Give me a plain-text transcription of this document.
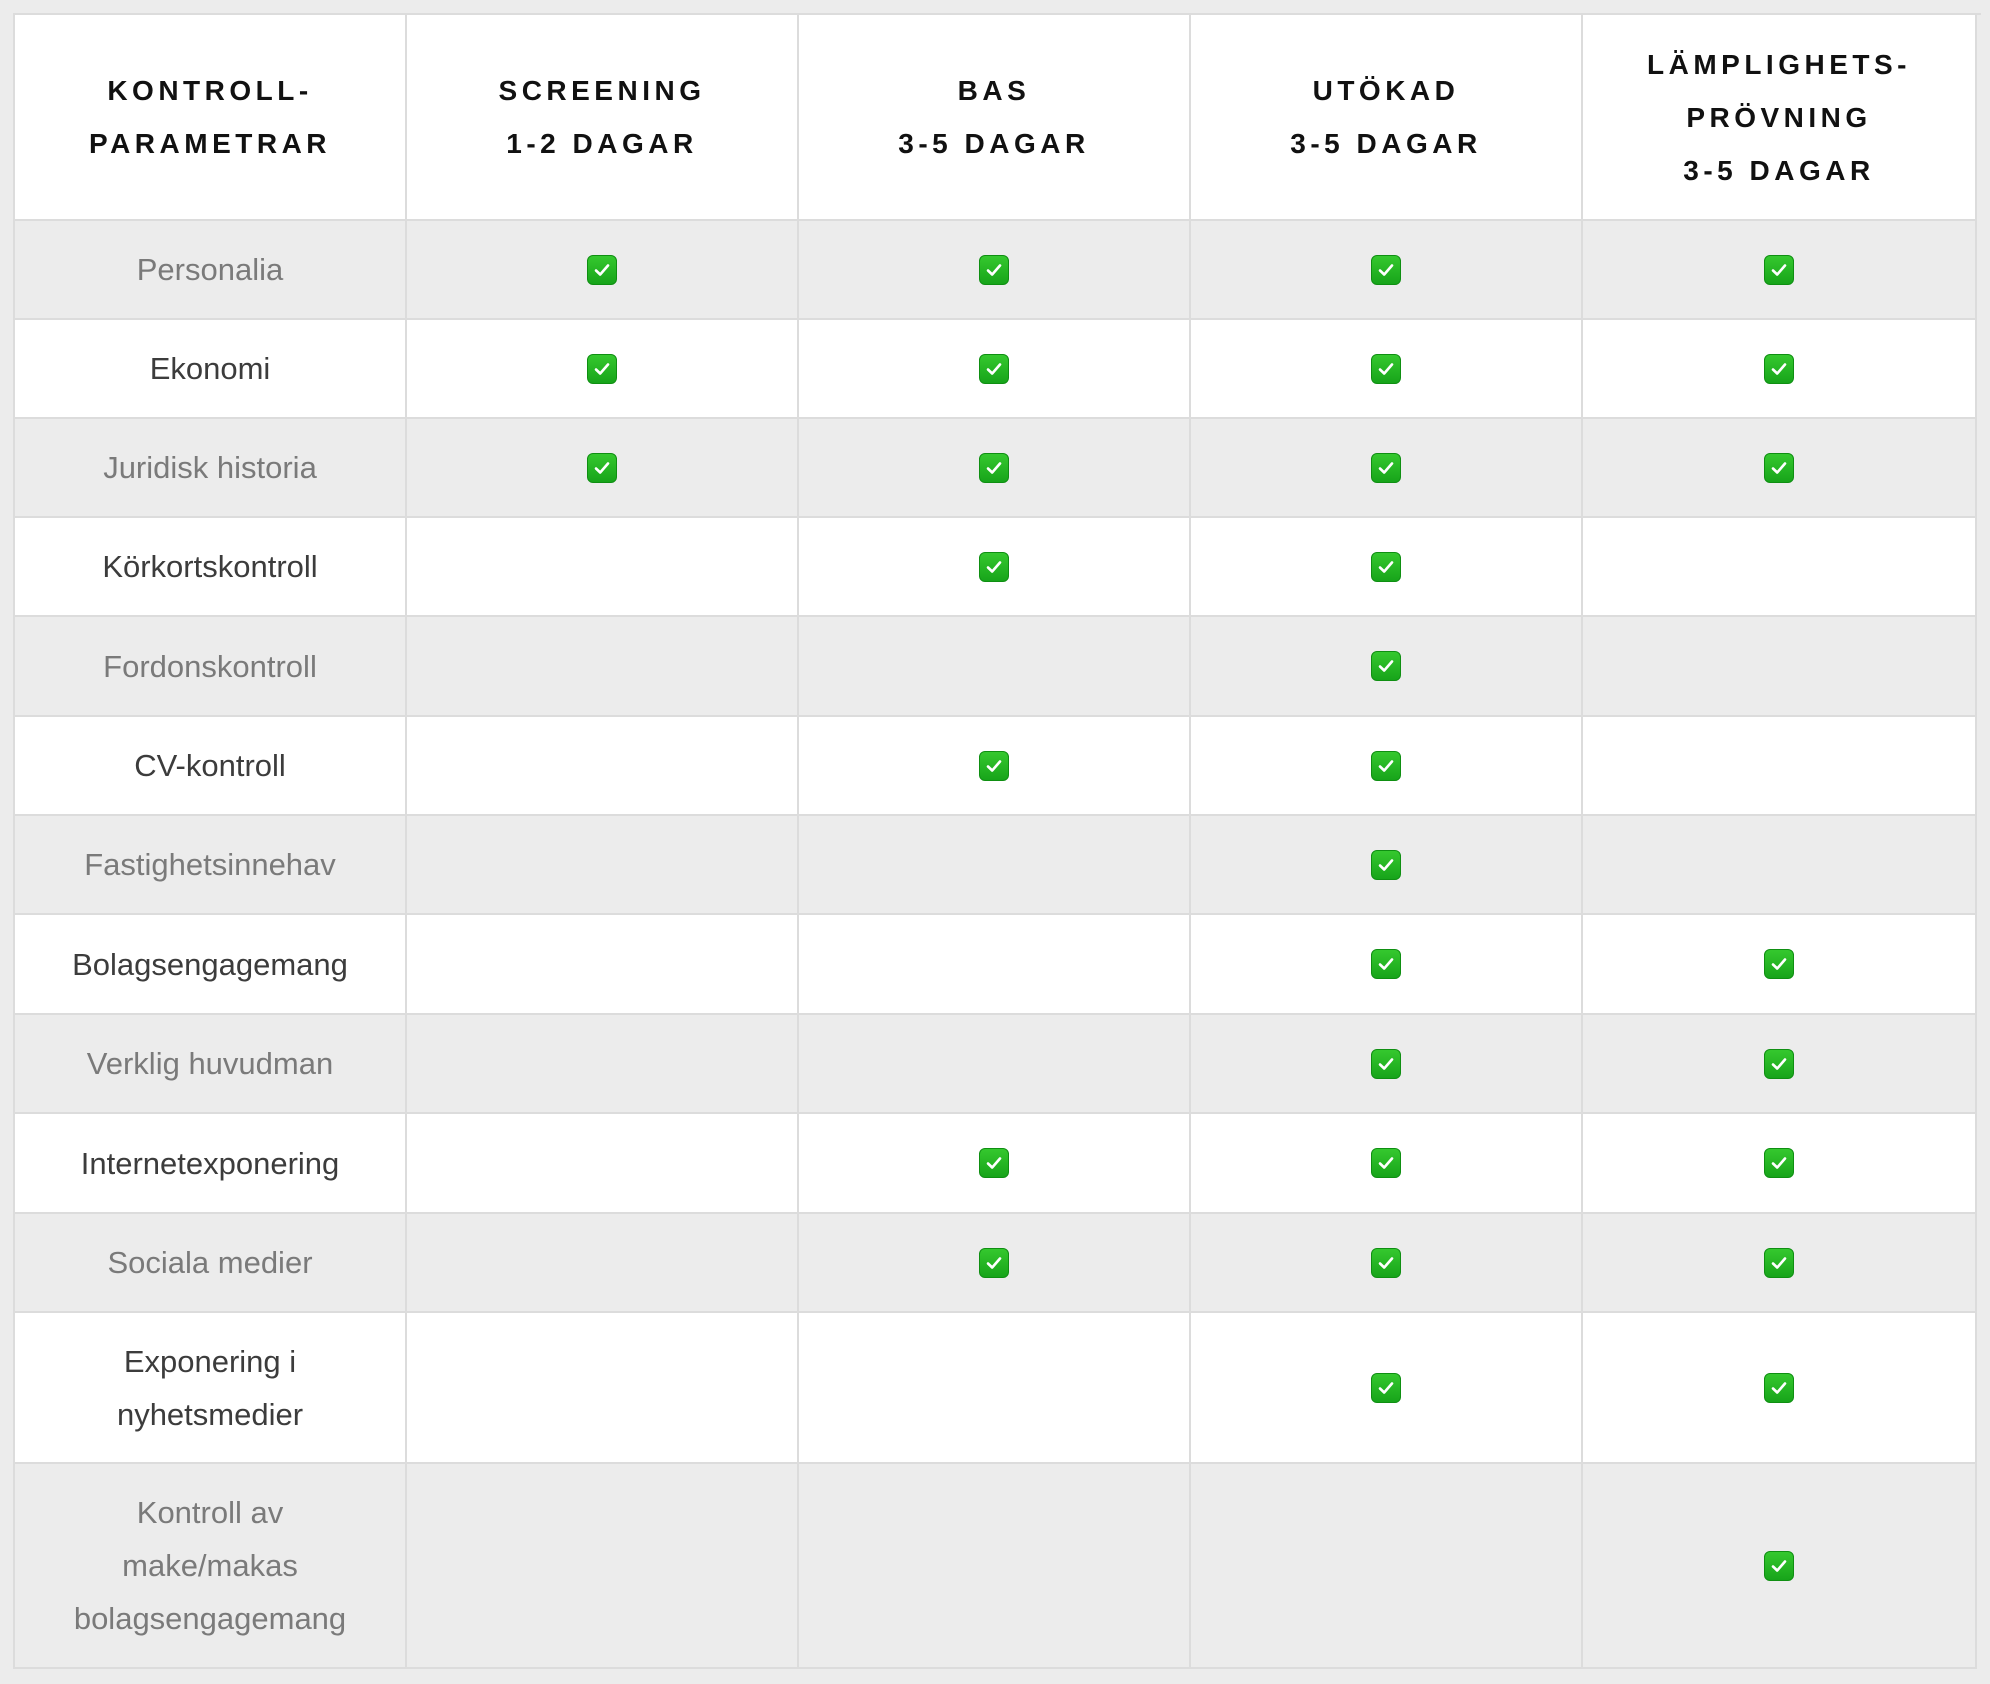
KONTROLL-
PARAMETRAR
SCREENING
1-2 DAGAR
BAS
3-5 DAGAR
UTÖKAD
3-5 DAGAR
LÄMPLIGHETS-
PRÖVNING
3-5 DAGAR
Personalia
Ekonomi
Juridisk historia
Körkortskontroll
Fordonskontroll
CV-kontroll
Fastighetsinnehav
Bolagsengagemang
Verklig huvudman
Internetexponering
Sociala medier
Exponering i
nyhetsmedier
Kontroll av
make/makas
bolagsengagemang
